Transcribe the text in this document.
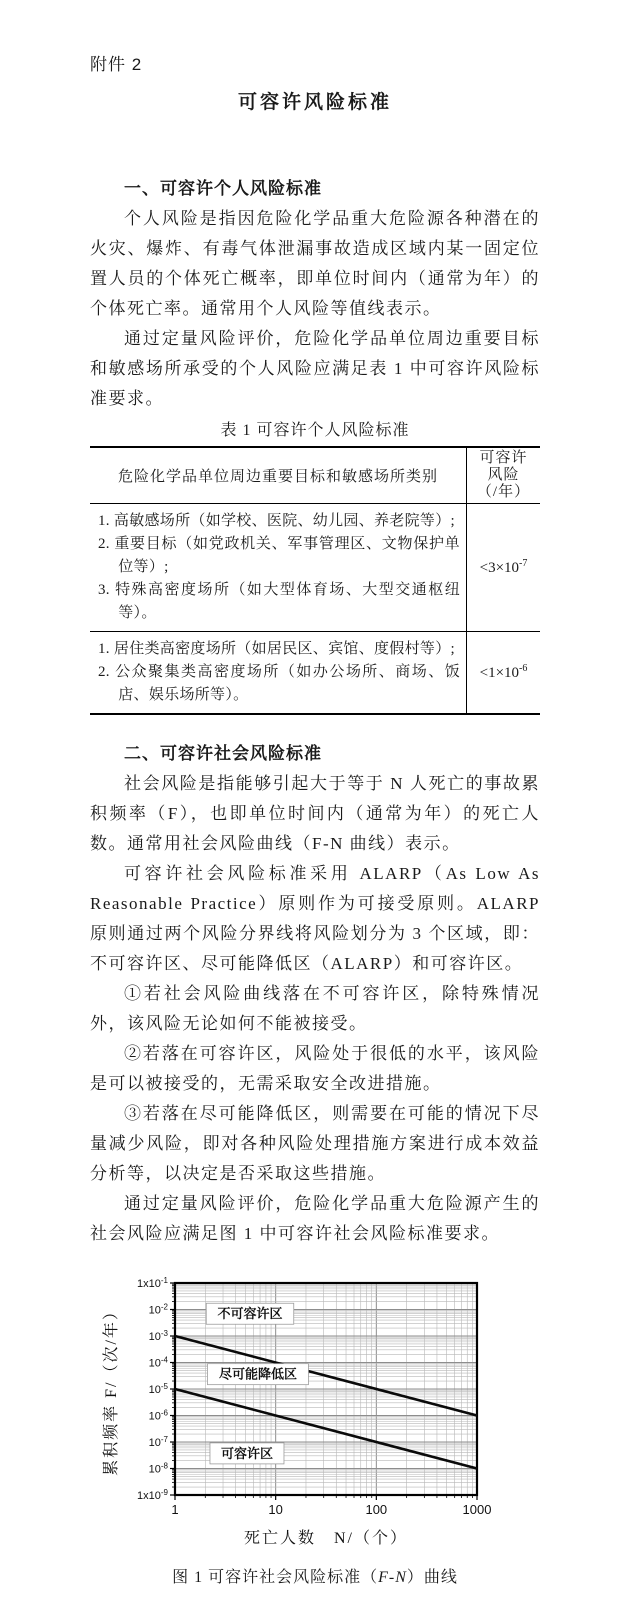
附件 2

可容许风险标准
一、可容许个人风险标准

个人风险是指因危险化学品重大危险源各种潜在的火灾、爆炸、有毒气体泄漏事故造成区域内某一固定位置人员的个体死亡概率，即单位时间内（通常为年）的个体死亡率。通常用个人风险等值线表示。

通过定量风险评价，危险化学品单位周边重要目标和敏感场所承受的个人风险应满足表 1 中可容许风险标准要求。

表 1 可容许个人风险标准

危险化学品单位周边重要目标和敏感场所类别	可容许
风险
（/年）

1. 高敏感场所（如学校、医院、幼儿园、养老院等）;
2. 重要目标（如党政机关、军事管理区、文物保护单位等）;
3. 特殊高密度场所（如大型体育场、大型交通枢纽等）。	$<3\times 10^{-7}$

1. 居住类高密度场所（如居民区、宾馆、度假村等）;
2. 公众聚集类高密度场所（如办公场所、商场、饭店、娱乐场所等）。	$<1\times 10^{-6}$
二、可容许社会风险标准

社会风险是指能够引起大于等于 N 人死亡的事故累积频率（F），也即单位时间内（通常为年）的死亡人数。通常用社会风险曲线（F-N 曲线）表示。

可容许社会风险标准采用 ALARP（As Low As Reasonable Practice）原则作为可接受原则。ALARP 原则通过两个风险分界线将风险划分为 3 个区域，即：不可容许区、尽可能降低区（ALARP）和可容许区。

①若社会风险曲线落在不可容许区，除特殊情况外，该风险无论如何不能被接受。

②若落在可容许区，风险处于很低的水平，该风险是可以被接受的，无需采取安全改进措施。

③若落在尽可能降低区，则需要在可能的情况下尽量减少风险，即对各种风险处理措施方案进行成本效益分析等，以决定是否采取这些措施。

通过定量风险评价，危险化学品重大危险源产生的社会风险应满足图 1 中可容许社会风险标准要求。

不可容许区
尽可能降低区
可容许区
$1x10^{-1}$
$10^{-2}$
$10^{-3}$
$10^{-4}$
$10^{-5}$
$10^{-6}$
$10^{-7}$
$10^{-8}$
$1x10^{-9}$
1	10	100	1000
死亡人数　N/（个）
累积频率 F/（次/年）
图 1 可容许社会风险标准（F-N）曲线
